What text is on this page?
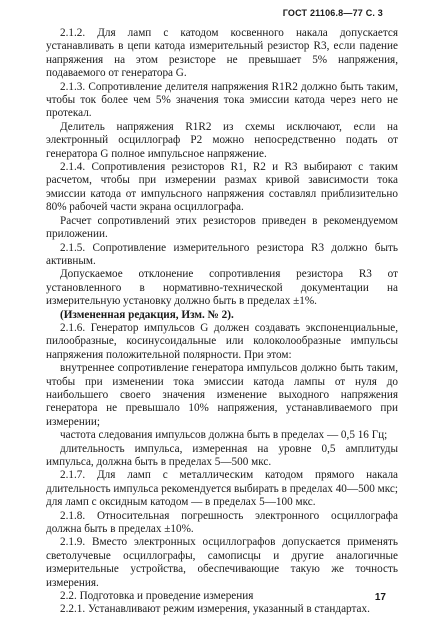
ГОСТ 21106.8—77 С. 3

2.1.2. Для ламп с катодом косвенного накала допускается устанавливать в цепи катода измерительный резистор R3, если падение напряжения на этом резисторе не превышает 5% напряжения, подаваемого от генератора G.

2.1.3. Сопротивление делителя напряжения R1R2 должно быть таким, чтобы ток более чем 5% значения тока эмиссии катода через него не протекал.

Делитель напряжения R1R2 из схемы исключают, если на электронный осциллограф P2 можно непосредственно подать от генератора G полное импульсное напряжение.

2.1.4. Сопротивления резисторов R1, R2 и R3 выбирают с таким расчетом, чтобы при измерении размах кривой зависимости тока эмиссии катода от импульсного напряжения составлял приблизительно 80% рабочей части экрана осциллографа.

Расчет сопротивлений этих резисторов приведен в рекомендуемом приложении.

2.1.5. Сопротивление измерительного резистора R3 должно быть активным.

Допускаемое отклонение сопротивления резистора R3 от установленного в нормативно-технической документации на измерительную установку должно быть в пределах ±1%.

(Измененная редакция, Изм. № 2).

2.1.6. Генератор импульсов G должен создавать экспоненциальные, пилообразные, косинусоидальные или колоколообразные импульсы напряжения положительной полярности. При этом:

внутреннее сопротивление генератора импульсов должно быть таким, чтобы при изменении тока эмиссии катода лампы от нуля до наибольшего своего значения изменение выходного напряжения генератора не превышало 10% напряжения, устанавливаемого при измерении;

частота следования импульсов должна быть в пределах — 0,5 16 Гц;

длительность импульса, измеренная на уровне 0,5 амплитуды импульса, должна быть в пределах 5—500 мкс.

2.1.7. Для ламп с металлическим катодом прямого накала длительность импульса рекомендуется выбирать в пределах 40—500 мкс; для ламп с оксидным катодом — в пределах 5—100 мкс.

2.1.8. Относительная погрешность электронного осциллографа должна быть в пределах ±10%.

2.1.9. Вместо электронных осциллографов допускается применять светолучевые осциллографы, самописцы и другие аналогичные измерительные устройства, обеспечивающие такую же точность измерения.

2.2. Подготовка и проведение измерения

2.2.1. Устанавливают режим измерения, указанный в стандартах.

17
